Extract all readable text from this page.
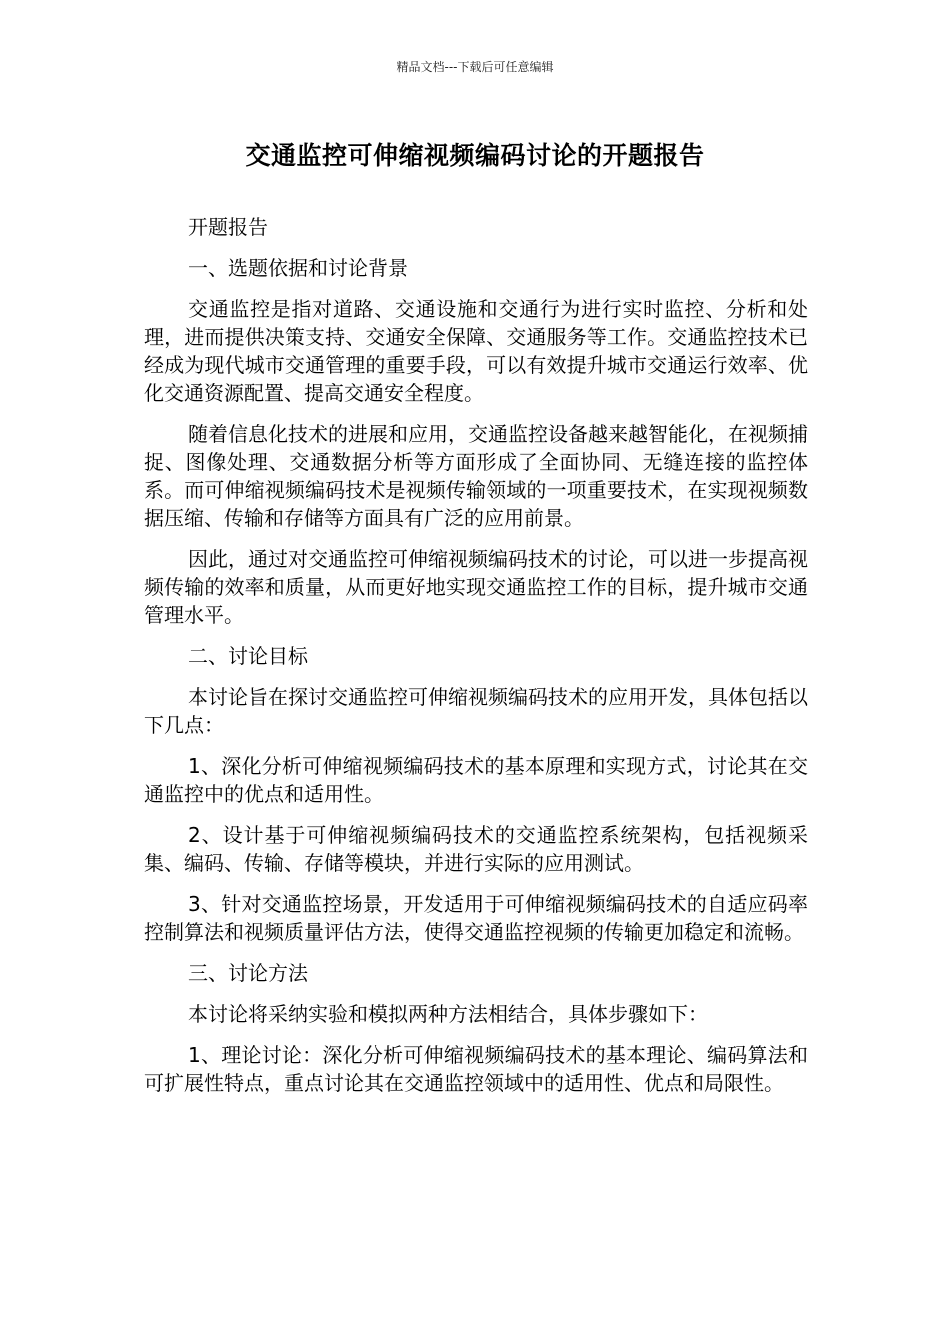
精品文档---下载后可任意编辑
交通监控可伸缩视频编码讨论的开题报告

开题报告

一、选题依据和讨论背景

交通监控是指对道路、交通设施和交通行为进行实时监控、分析和处理，进而提供决策支持、交通安全保障、交通服务等工作。交通监控技术已经成为现代城市交通管理的重要手段，可以有效提升城市交通运行效率、优化交通资源配置、提高交通安全程度。

随着信息化技术的进展和应用，交通监控设备越来越智能化，在视频捕捉、图像处理、交通数据分析等方面形成了全面协同、无缝连接的监控体系。而可伸缩视频编码技术是视频传输领域的一项重要技术，在实现视频数据压缩、传输和存储等方面具有广泛的应用前景。

因此，通过对交通监控可伸缩视频编码技术的讨论，可以进一步提高视频传输的效率和质量，从而更好地实现交通监控工作的目标，提升城市交通管理水平。

二、讨论目标

本讨论旨在探讨交通监控可伸缩视频编码技术的应用开发，具体包括以下几点：

1、深化分析可伸缩视频编码技术的基本原理和实现方式，讨论其在交通监控中的优点和适用性。

2、设计基于可伸缩视频编码技术的交通监控系统架构，包括视频采集、编码、传输、存储等模块，并进行实际的应用测试。

3、针对交通监控场景，开发适用于可伸缩视频编码技术的自适应码率控制算法和视频质量评估方法，使得交通监控视频的传输更加稳定和流畅。

三、讨论方法

本讨论将采纳实验和模拟两种方法相结合，具体步骤如下：

1、理论讨论：深化分析可伸缩视频编码技术的基本理论、编码算法和可扩展性特点，重点讨论其在交通监控领域中的适用性、优点和局限性。
